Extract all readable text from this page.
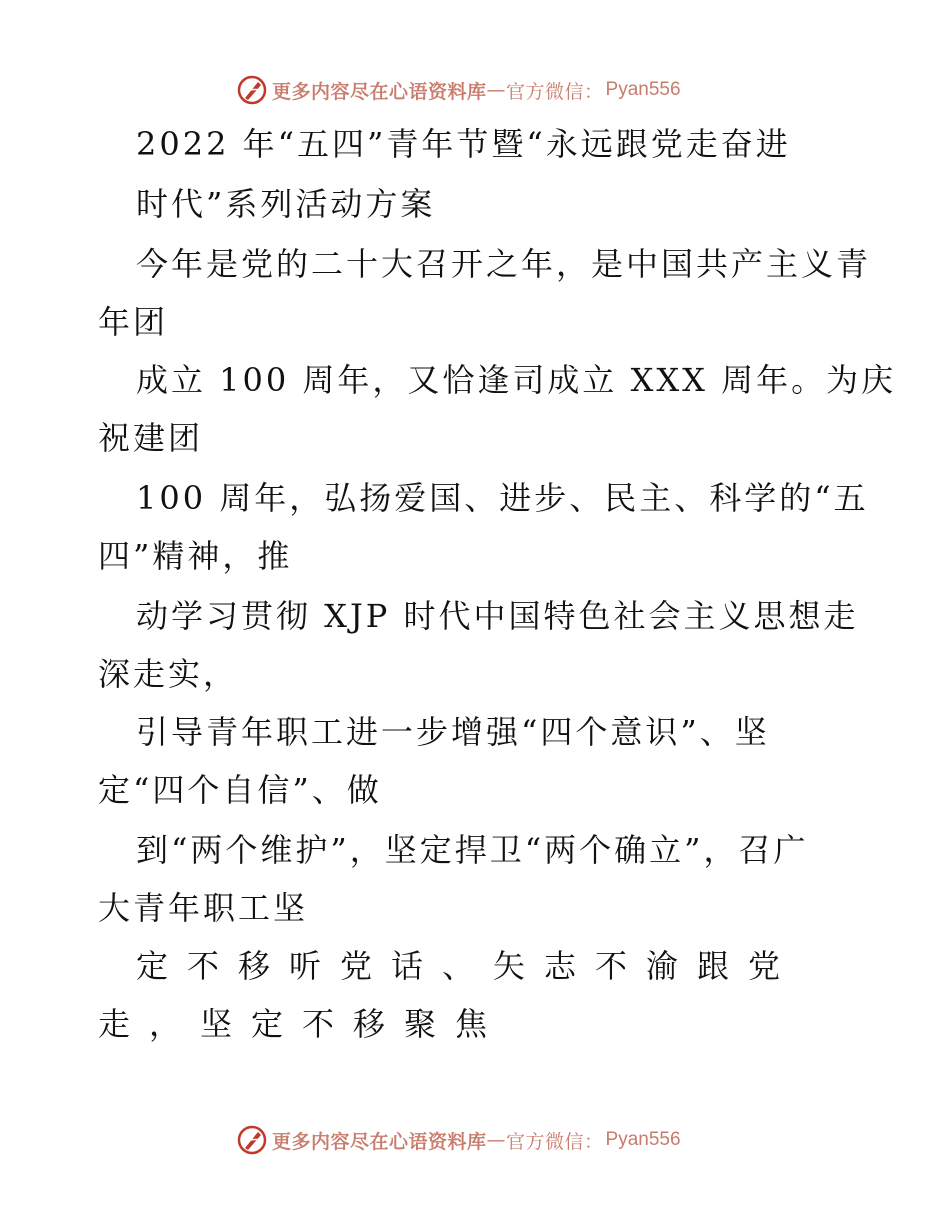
更多内容尽在心语资料库 — 官方微信： Pyan556
2022 年“五四”青年节暨“永远跟党走奋进
时代”系列活动方案
今年是党的二十大召开之年，是中国共产主义青
年团
成立 100 周年，又恰逢司成立 XXX 周年。为庆
祝建团
100 周年，弘扬爱国、进步、民主、科学的“五
四”精神，推
动学习贯彻 XJP 时代中国特色社会主义思想走
深走实，
引导青年职工进一步增强“四个意识”、坚
定“四个自信”、做
到“两个维护”，坚定捍卫“两个确立”，召广
大青年职工坚
定不移听党话、矢志不渝跟党
走，坚定不移聚焦
更多内容尽在心语资料库 — 官方微信： Pyan556
